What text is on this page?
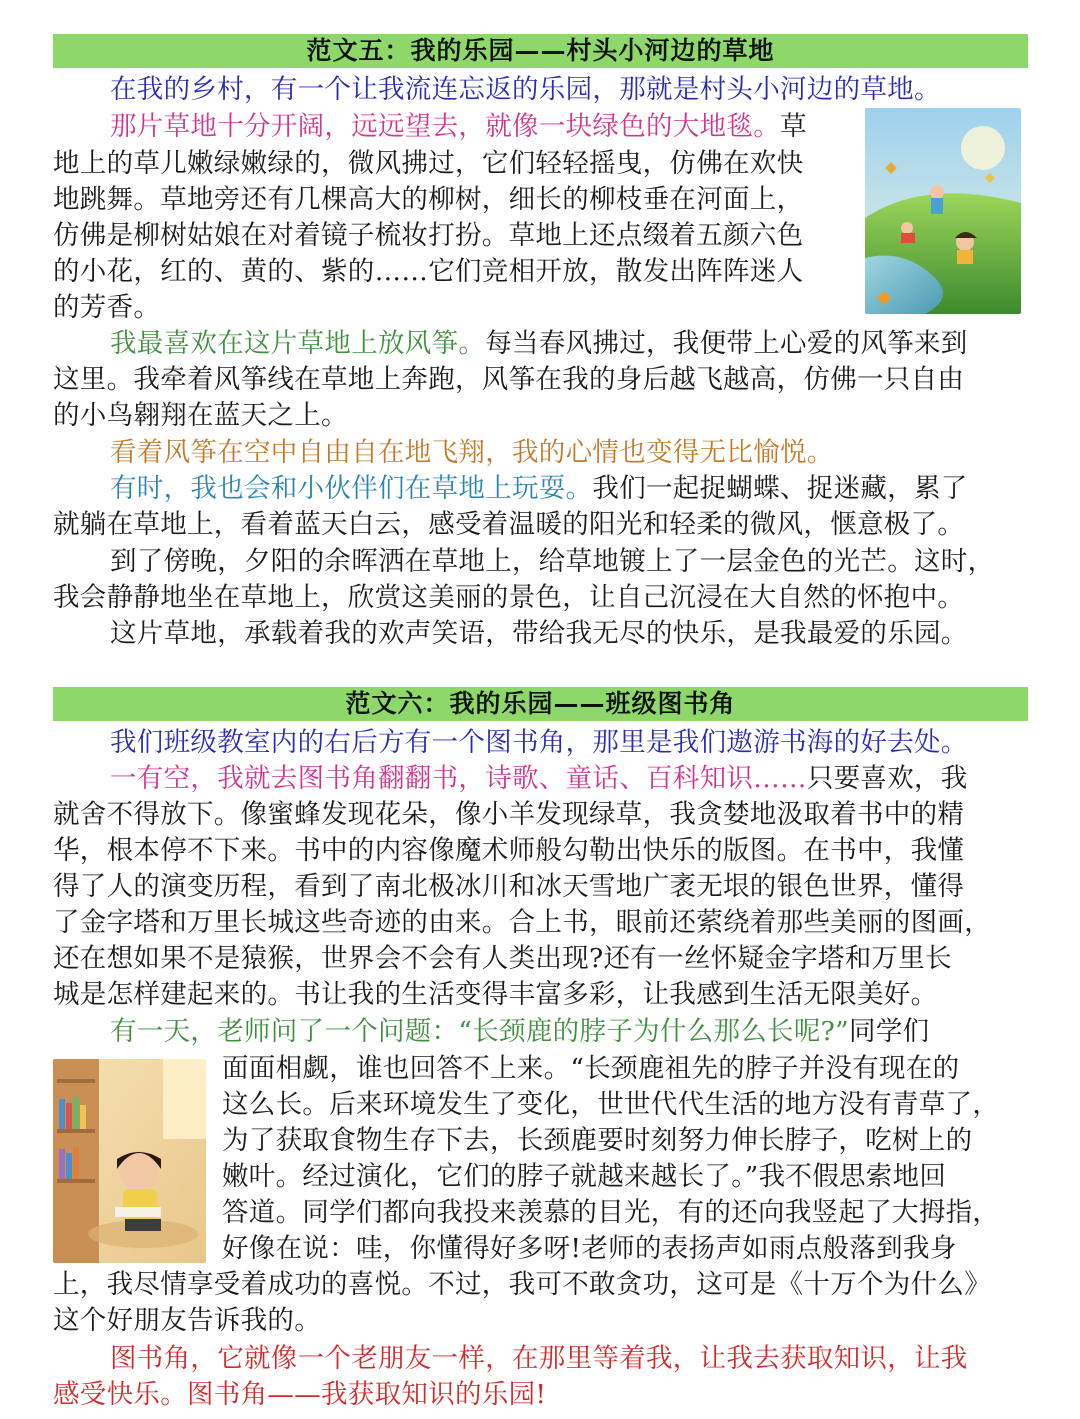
范文五：我的乐园——村头小河边的草地
在我的乡村，有一个让我流连忘返的乐园，那就是村头小河边的草地。
那片草地十分开阔，远远望去，就像一块绿色的大地毯。草
地上的草儿嫩绿嫩绿的，微风拂过，它们轻轻摇曳，仿佛在欢快
地跳舞。草地旁还有几棵高大的柳树，细长的柳枝垂在河面上，
仿佛是柳树姑娘在对着镜子梳妆打扮。草地上还点缀着五颜六色
的小花，红的、黄的、紫的……它们竞相开放，散发出阵阵迷人
的芳香。
我最喜欢在这片草地上放风筝。每当春风拂过，我便带上心爱的风筝来到
这里。我牵着风筝线在草地上奔跑，风筝在我的身后越飞越高，仿佛一只自由
的小鸟翱翔在蓝天之上。
看着风筝在空中自由自在地飞翔，我的心情也变得无比愉悦。
有时，我也会和小伙伴们在草地上玩耍。我们一起捉蝴蝶、捉迷藏，累了
就躺在草地上，看着蓝天白云，感受着温暖的阳光和轻柔的微风，惬意极了。
到了傍晚，夕阳的余晖洒在草地上，给草地镀上了一层金色的光芒。这时，
我会静静地坐在草地上，欣赏这美丽的景色，让自己沉浸在大自然的怀抱中。
这片草地，承载着我的欢声笑语，带给我无尽的快乐，是我最爱的乐园。
范文六：我的乐园——班级图书角
我们班级教室内的右后方有一个图书角，那里是我们遨游书海的好去处。
一有空，我就去图书角翻翻书，诗歌、童话、百科知识……只要喜欢，我
就舍不得放下。像蜜蜂发现花朵，像小羊发现绿草，我贪婪地汲取着书中的精
华，根本停不下来。书中的内容像魔术师般勾勒出快乐的版图。在书中，我懂
得了人的演变历程，看到了南北极冰川和冰天雪地广袤无垠的银色世界，懂得
了金字塔和万里长城这些奇迹的由来。合上书，眼前还萦绕着那些美丽的图画，
还在想如果不是猿猴，世界会不会有人类出现?还有一丝怀疑金字塔和万里长
城是怎样建起来的。书让我的生活变得丰富多彩，让我感到生活无限美好。
有一天，老师问了一个问题：“长颈鹿的脖子为什么那么长呢?”同学们
面面相觑，谁也回答不上来。“长颈鹿祖先的脖子并没有现在的
这么长。后来环境发生了变化，世世代代生活的地方没有青草了，
为了获取食物生存下去，长颈鹿要时刻努力伸长脖子，吃树上的
嫩叶。经过演化，它们的脖子就越来越长了。”我不假思索地回
答道。同学们都向我投来羡慕的目光，有的还向我竖起了大拇指，
好像在说：哇，你懂得好多呀!老师的表扬声如雨点般落到我身
上，我尽情享受着成功的喜悦。不过，我可不敢贪功，这可是《十万个为什么》
这个好朋友告诉我的。
图书角，它就像一个老朋友一样，在那里等着我，让我去获取知识，让我
感受快乐。图书角——我获取知识的乐园!
